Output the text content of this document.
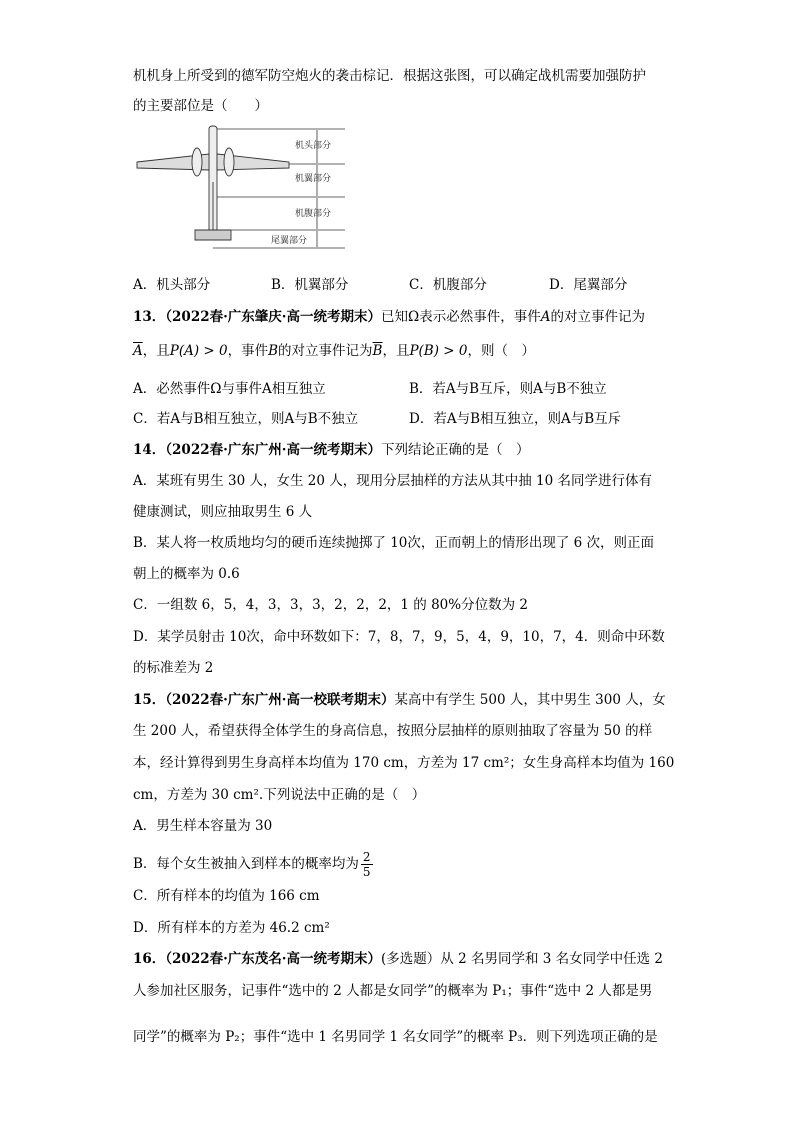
机机身上所受到的德军防空炮火的袭击棕记．根据这张图，可以确定战机需要加强防护
的主要部位是（　　）
机头部分
机翼部分
机腹部分
尾翼部分
A．机头部分	B．机翼部分	C．机腹部分	D．尾翼部分
13．（2022春·广东肇庆·高一统考期末）已知Ω表示必然事件，事件A的对立事件记为
$\overline{A}$，且P(A) > 0，事件B的对立事件记为$\overline{B}$，且P(B) > 0，则（　）
A．必然事件Ω与事件A相互独立	B．若A与B互斥，则A与B不独立
C．若A与B相互独立，则A与B不独立	D．若A与B相互独立，则A与B互斥
14．（2022春·广东广州·高一统考期末）下列结论正确的是（　）
A．某班有男生 30 人，女生 20 人，现用分层抽样的方法从其中抽 10 名同学进行体有
健康测试，则应抽取男生 6 人
B．某人将一枚质地均匀的硬币连续抛掷了 10次，正而朝上的情形出现了 6 次，则正面
朝上的概率为 0.6
C．一组数 6，5，4，3，3，3，2，2，2，1 的 80%分位数为 2
D．某学员射击 10次，命中环数如下：7，8，7，9，5，4，9，10，7，4．则命中环数
的标准差为 2
15．（2022春·广东广州·高一校联考期末）某高中有学生 500 人，其中男生 300 人，女
生 200 人，希望获得全体学生的身高信息，按照分层抽样的原则抽取了容量为 50 的样
本，经计算得到男生身高样本均值为 170 cm，方差为 17 cm²；女生身高样本均值为 160
cm，方差为 30 cm².下列说法中正确的是（　）
A．男生样本容量为 30
B．每个女生被抽入到样本的概率均为 $\frac{2}{5}$
C．所有样本的均值为 166 cm
D．所有样本的方差为 46.2 cm²
16．（2022春·广东茂名·高一统考期末）(多选题）从 2 名男同学和 3 名女同学中任选 2
人参加社区服务，记事件“选中的 2 人都是女同学”的概率为 P₁；事件“选中 2 人都是男
同学”的概率为 P₂；事件“选中 1 名男同学 1 名女同学”的概率 P₃．则下列选项正确的是
